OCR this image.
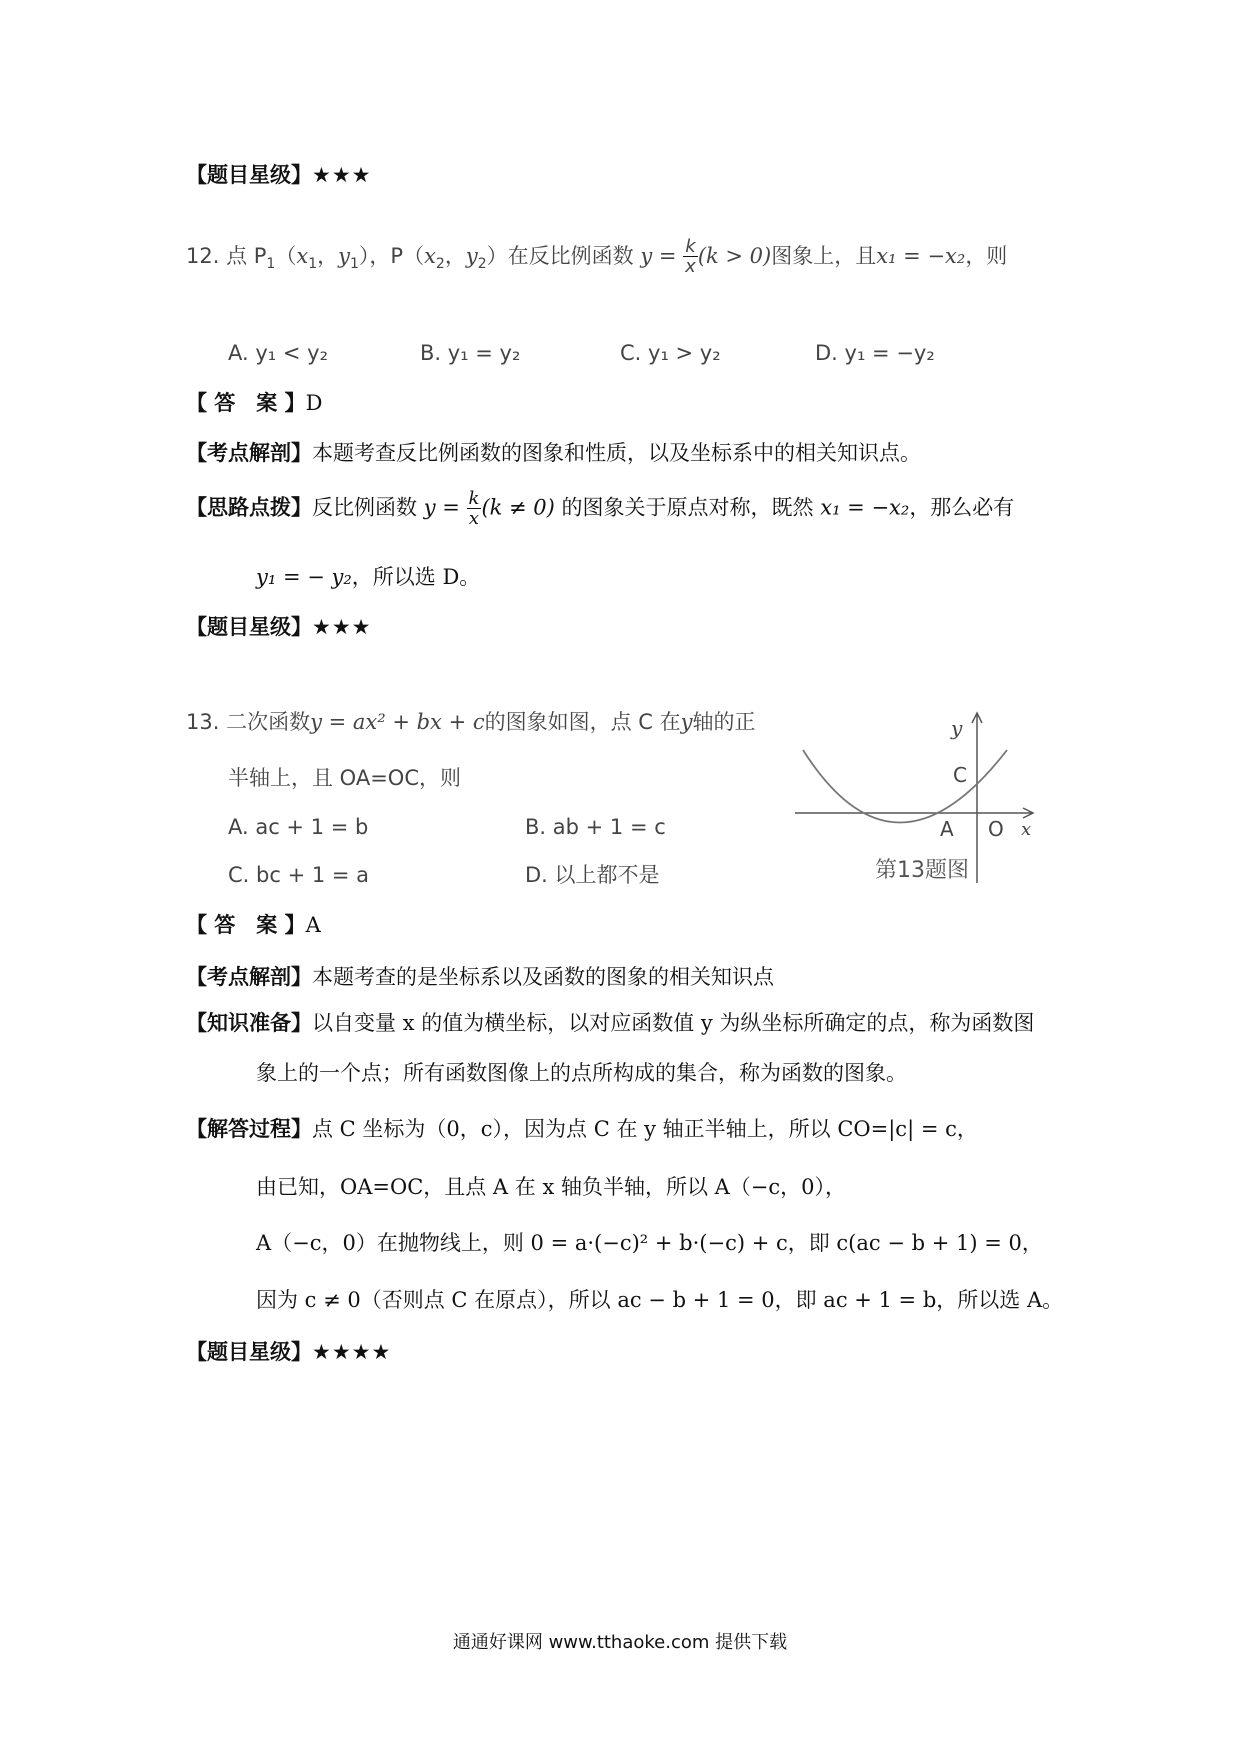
【题目星级】★★★
12. 点 $P_1(x_1$，$y_1$），$P(x_2$，$y_2$）在反比例函数 $y = \frac{k}{x} (k > 0)$图象上，且x₁ = −x₂，则
A. y₁ < y₂	B. y₁ = y₂	C. y₁ > y₂	D. y₁ = −y₂
【 答　案 】D
【考点解剖】本题考查反比例函数的图象和性质，以及坐标系中的相关知识点。
【思路点拨】反比例函数 $y = \frac{k}{x} (k \ne 0)$ 的图象关于原点对称，既然 x₁ = −x₂，那么必有
y₁ = − y₂，所以选 D。
【题目星级】★★★
13. 二次函数y = ax² + bx + c的图象如图，点 C 在y轴的正
半轴上，且 OA=OC，则
A. ac + 1 = b	B. ab + 1 = c
C. bc + 1 = a	D. 以上都不是
y
x
C
A O
第13题图
【 答　案 】A
【考点解剖】本题考查的是坐标系以及函数的图象的相关知识点
【知识准备】以自变量 x 的值为横坐标，以对应函数值 y 为纵坐标所确定的点，称为函数图
象上的一个点；所有函数图像上的点所构成的集合，称为函数的图象。
【解答过程】点 C 坐标为（0，c），因为点 C 在 y 轴正半轴上，所以 CO=|c| = c，
由已知，OA=OC，且点 A 在 x 轴负半轴，所以 A（−c，0），
A（−c，0）在抛物线上，则 0 = a·(−c)² + b·(−c) + c，即 c(ac − b + 1) = 0，
因为 c ≠ 0（否则点 C 在原点），所以 ac − b + 1 = 0，即 ac + 1 = b，所以选 A。
【题目星级】★★★★
通通好课网 www.tthaoke.com 提供下载
